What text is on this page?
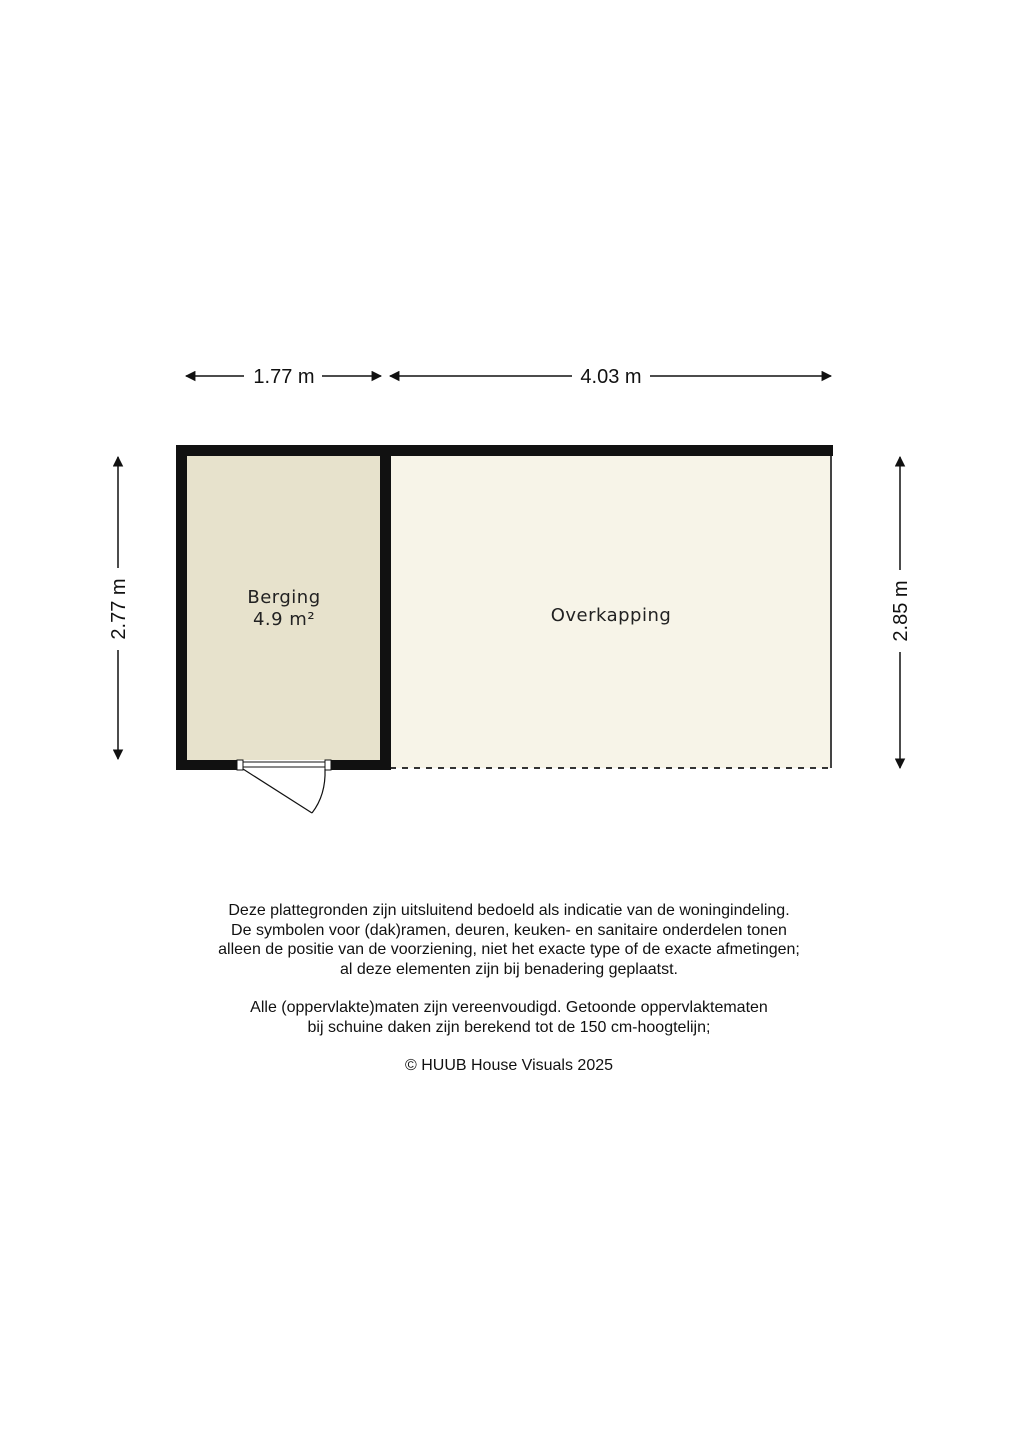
1.77 m	4.03 m
2.77 m	2.85 m
Overkapping
Berging
4.9 m²
Deze plattegronden zijn uitsluitend bedoeld als indicatie van de woningindeling.
De symbolen voor (dak)ramen, deuren, keuken- en sanitaire onderdelen tonen
alleen de positie van de voorziening, niet het exacte type of de exacte afmetingen;
al deze elementen zijn bij benadering geplaatst.
Alle (oppervlakte)maten zijn vereenvoudigd. Getoonde oppervlaktematen
bij schuine daken zijn berekend tot de 150 cm-hoogtelijn;
© HUUB House Visuals 2025
